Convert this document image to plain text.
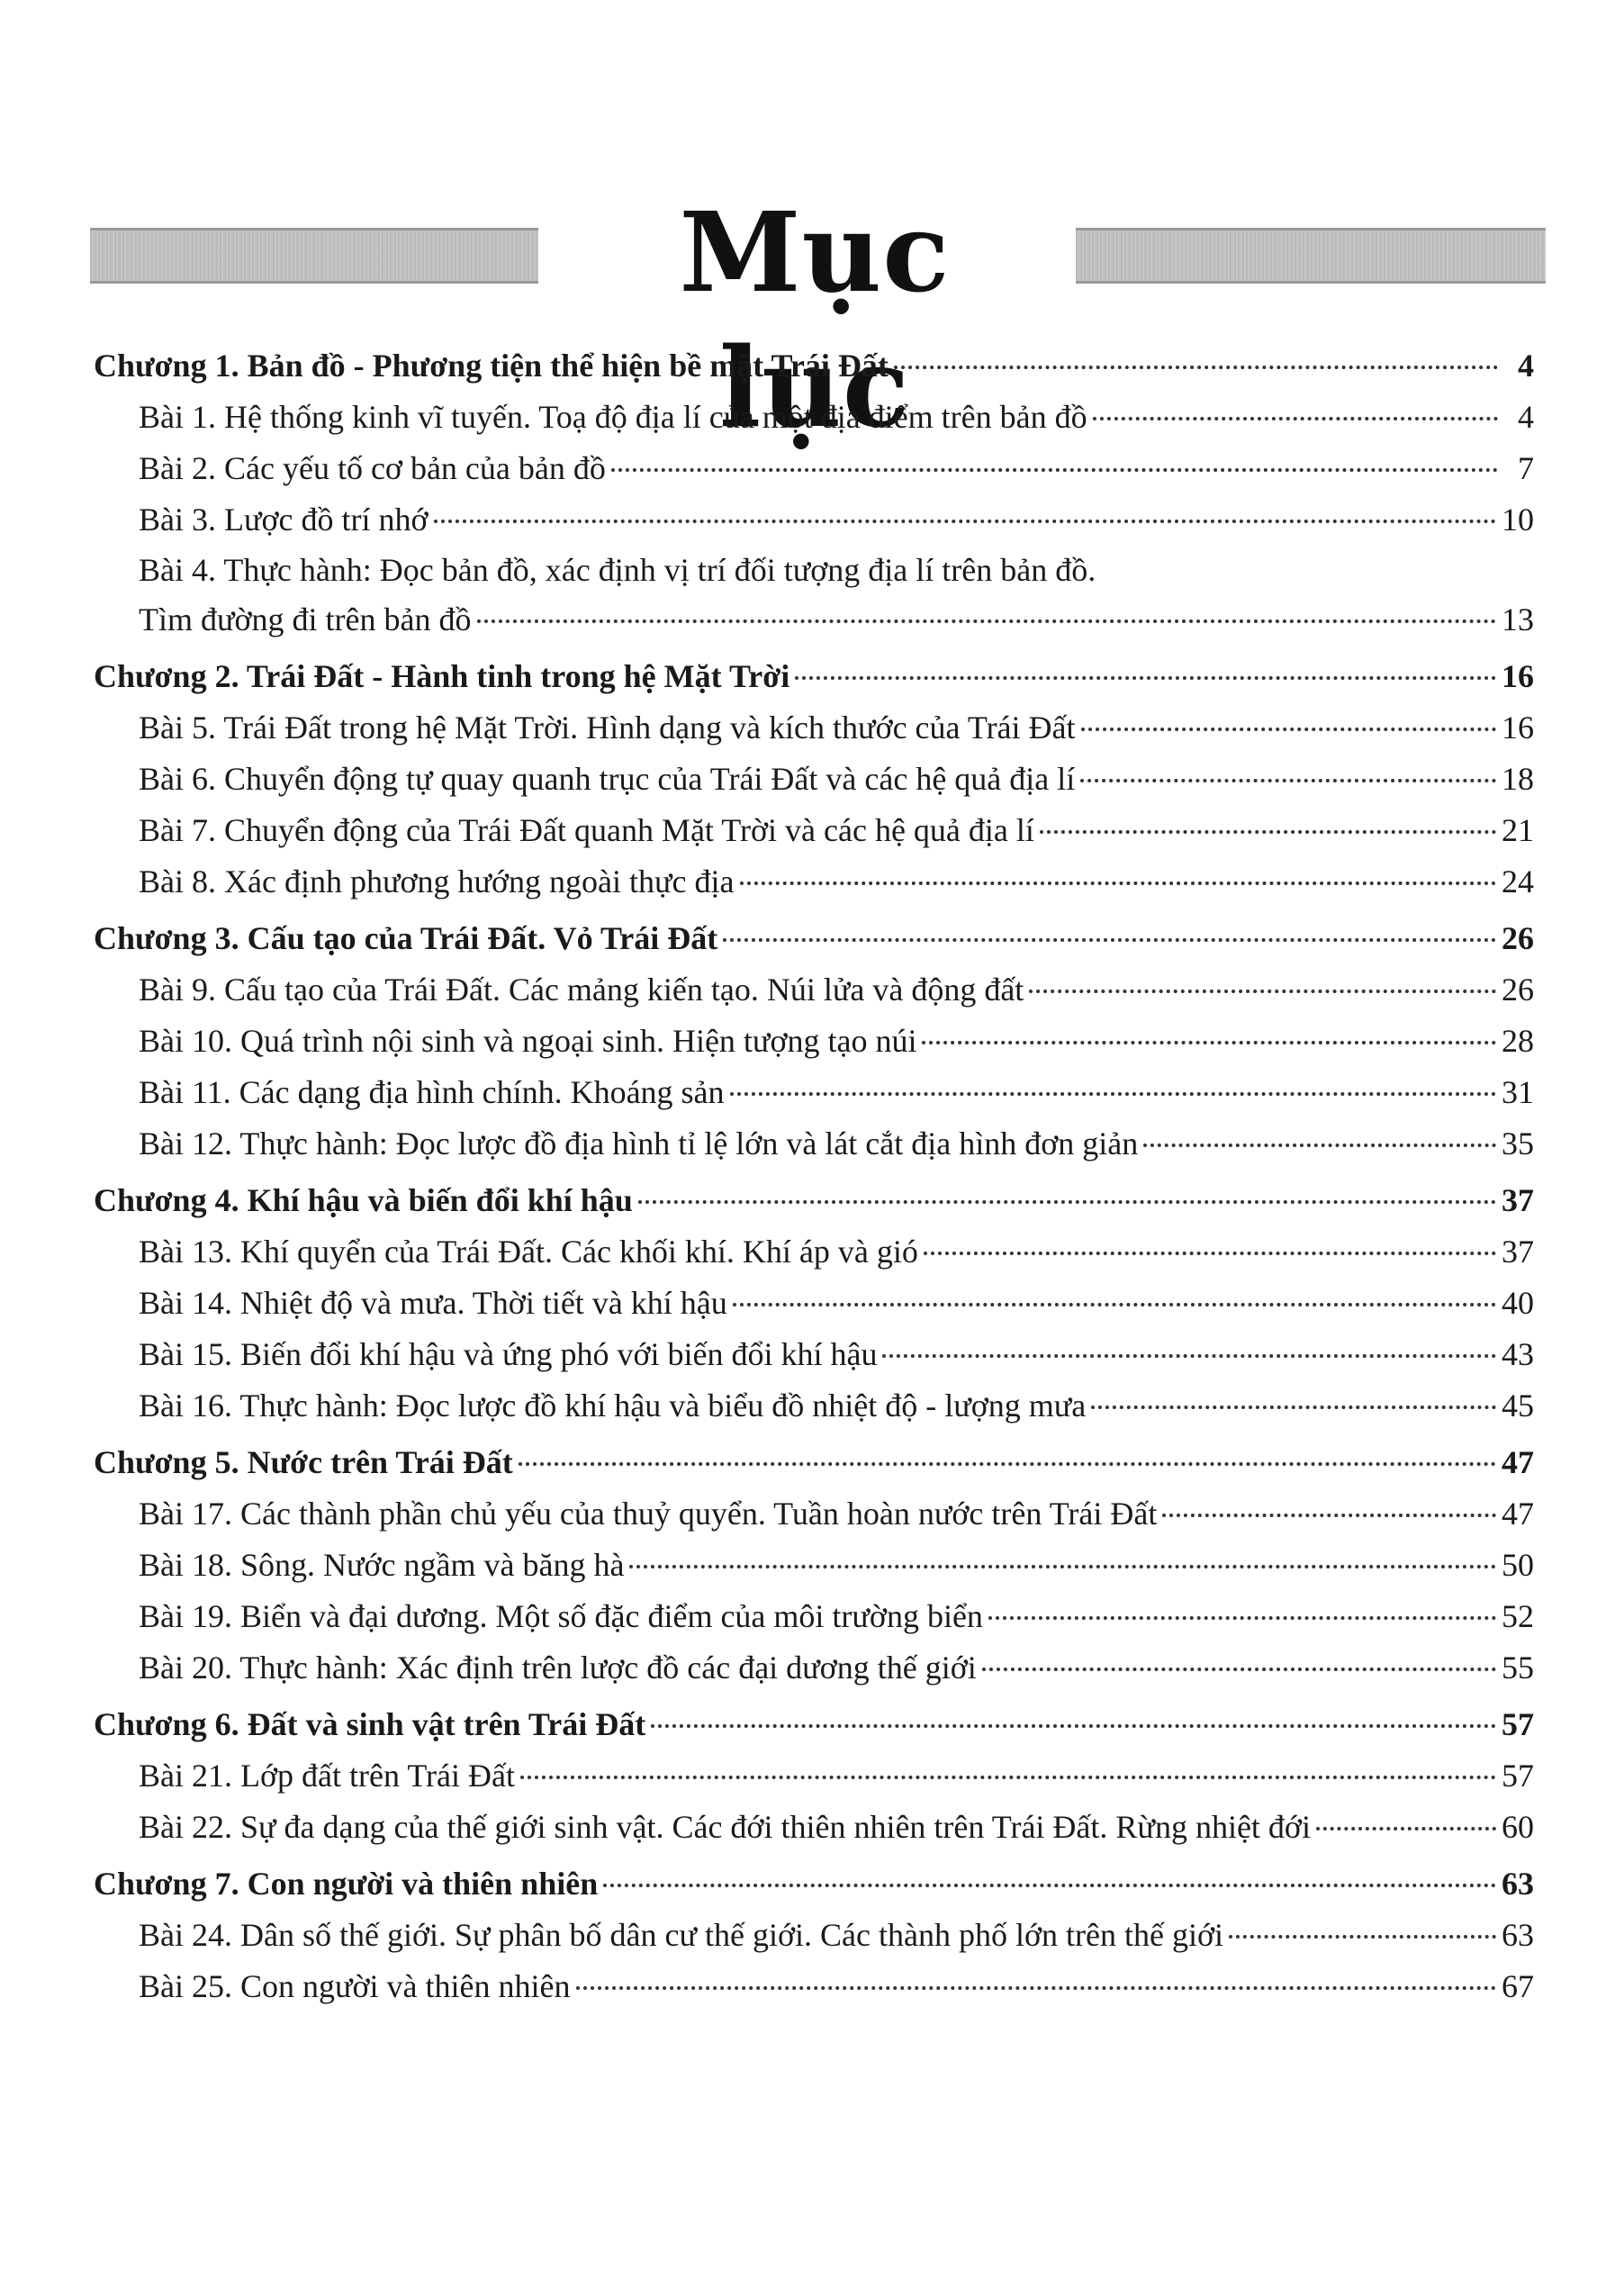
Mục lục
Chương 1. Bản đồ - Phương tiện thể hiện bề mặt Trái Đất	4
Bài 1. Hệ thống kinh vĩ tuyến. Toạ độ địa lí của một địa điểm trên bản đồ	4
Bài 2. Các yếu tố cơ bản của bản đồ	7
Bài 3. Lược đồ trí nhớ	10
Bài 4. Thực hành: Đọc bản đồ, xác định vị trí đối tượng địa lí trên bản đồ.
Tìm đường đi trên bản đồ	13
Chương 2. Trái Đất - Hành tinh trong hệ Mặt Trời	16
Bài 5. Trái Đất trong hệ Mặt Trời. Hình dạng và kích thước của Trái Đất	16
Bài 6. Chuyển động tự quay quanh trục của Trái Đất và các hệ quả địa lí	18
Bài 7. Chuyển động của Trái Đất quanh Mặt Trời và các hệ quả địa lí	21
Bài 8. Xác định phương hướng ngoài thực địa	24
Chương 3. Cấu tạo của Trái Đất. Vỏ Trái Đất	26
Bài 9. Cấu tạo của Trái Đất. Các mảng kiến tạo. Núi lửa và động đất	26
Bài 10. Quá trình nội sinh và ngoại sinh. Hiện tượng tạo núi	28
Bài 11. Các dạng địa hình chính. Khoáng sản	31
Bài 12. Thực hành: Đọc lược đồ địa hình tỉ lệ lớn và lát cắt địa hình đơn giản	35
Chương 4. Khí hậu và biến đổi khí hậu	37
Bài 13. Khí quyển của Trái Đất. Các khối khí. Khí áp và gió	37
Bài 14. Nhiệt độ và mưa. Thời tiết và khí hậu	40
Bài 15. Biến đổi khí hậu và ứng phó với biến đổi khí hậu	43
Bài 16. Thực hành: Đọc lược đồ khí hậu và biểu đồ nhiệt độ - lượng mưa	45
Chương 5. Nước trên Trái Đất	47
Bài 17. Các thành phần chủ yếu của thuỷ quyển. Tuần hoàn nước trên Trái Đất	47
Bài 18. Sông. Nước ngầm và băng hà	50
Bài 19. Biển và đại dương. Một số đặc điểm của môi trường biển	52
Bài 20. Thực hành: Xác định trên lược đồ các đại dương thế giới	55
Chương 6. Đất và sinh vật trên Trái Đất	57
Bài 21. Lớp đất trên Trái Đất	57
Bài 22. Sự đa dạng của thế giới sinh vật. Các đới thiên nhiên trên Trái Đất. Rừng nhiệt đới	60
Chương 7. Con người và thiên nhiên	63
Bài 24. Dân số thế giới. Sự phân bố dân cư thế giới. Các thành phố lớn trên thế giới	63
Bài 25. Con người và thiên nhiên	67
